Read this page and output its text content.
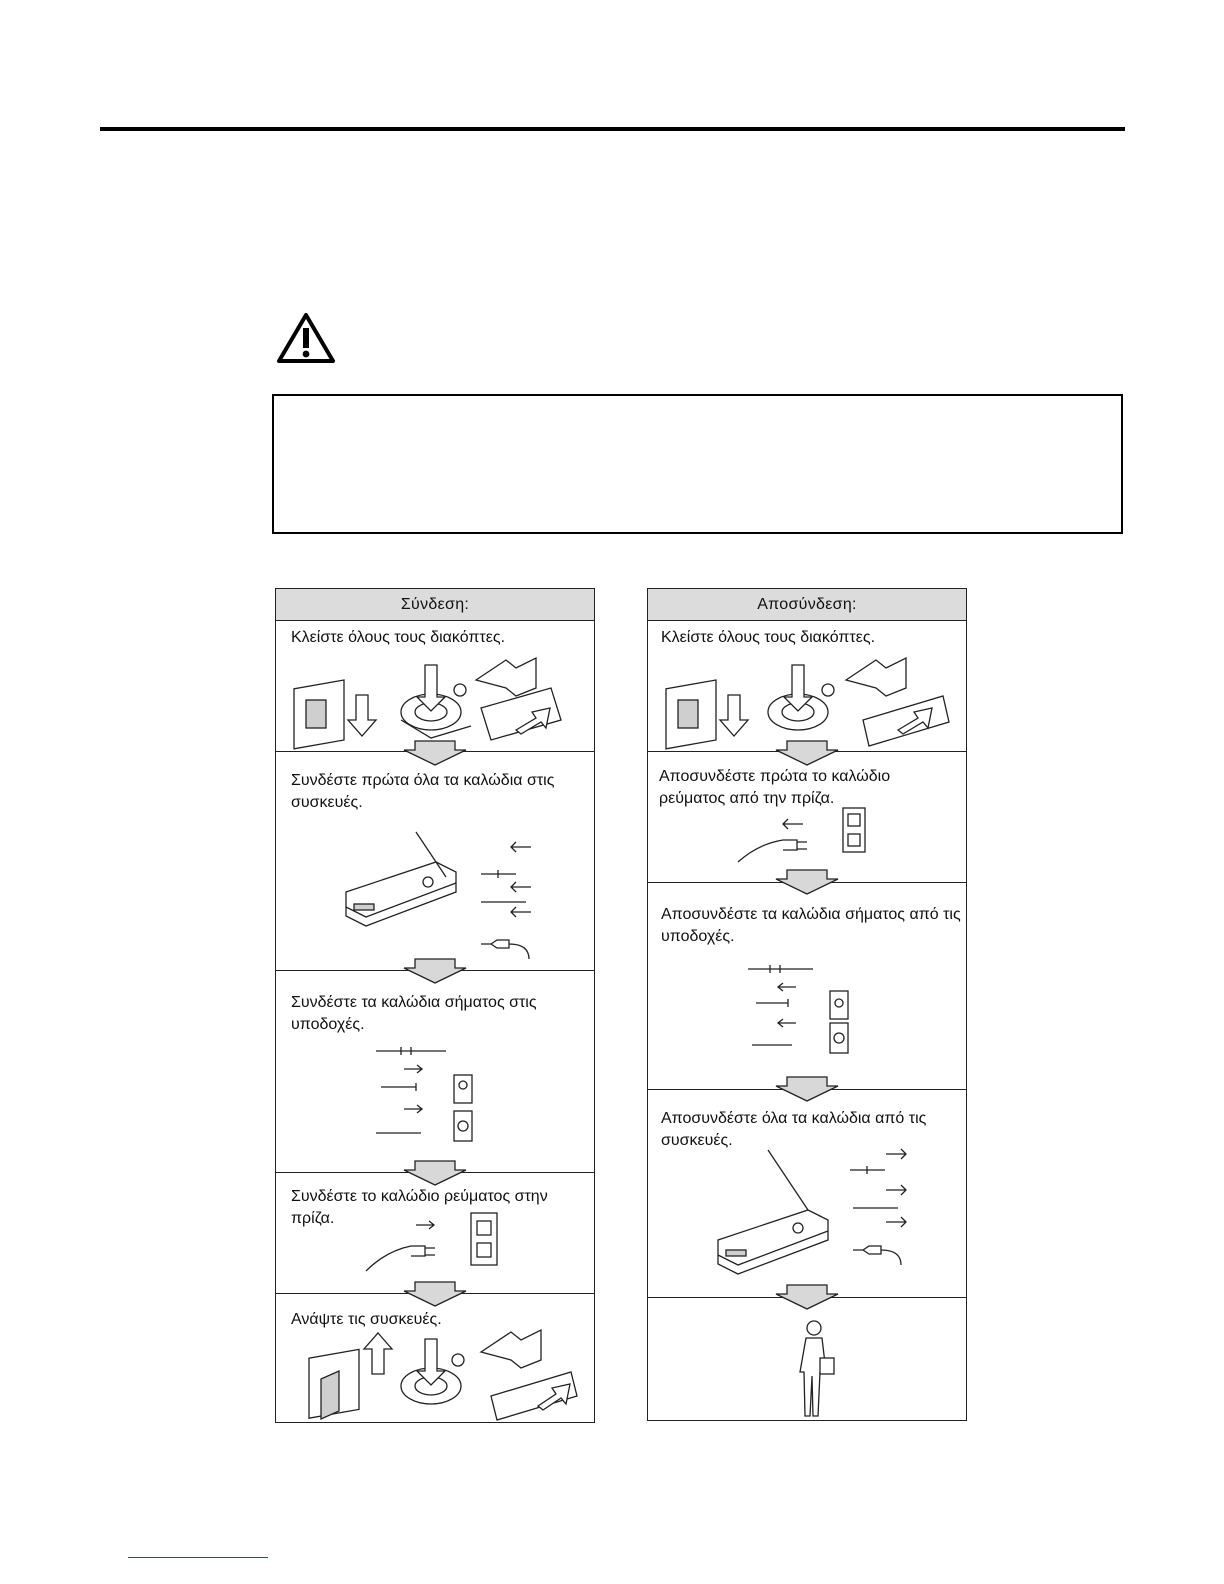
Σύνδεση:	Αποσύνδεση:
Κλείστε όλους τους διακόπτες.
Συνδέστε πρώτα όλα τα καλώδια στις συσκευές.
Συνδέστε τα καλώδια σήματος στις υποδοχές.
Συνδέστε το καλώδιο ρεύματος στην πρίζα.
Ανάψτε τις συσκευές.
Κλείστε όλους τους διακόπτες.
Αποσυνδέστε πρώτα το καλώδιο ρεύματος από την πρίζα.
Αποσυνδέστε τα καλώδια σήματος από τις υποδοχές.
Αποσυνδέστε όλα τα καλώδια από τις συσκευές.
